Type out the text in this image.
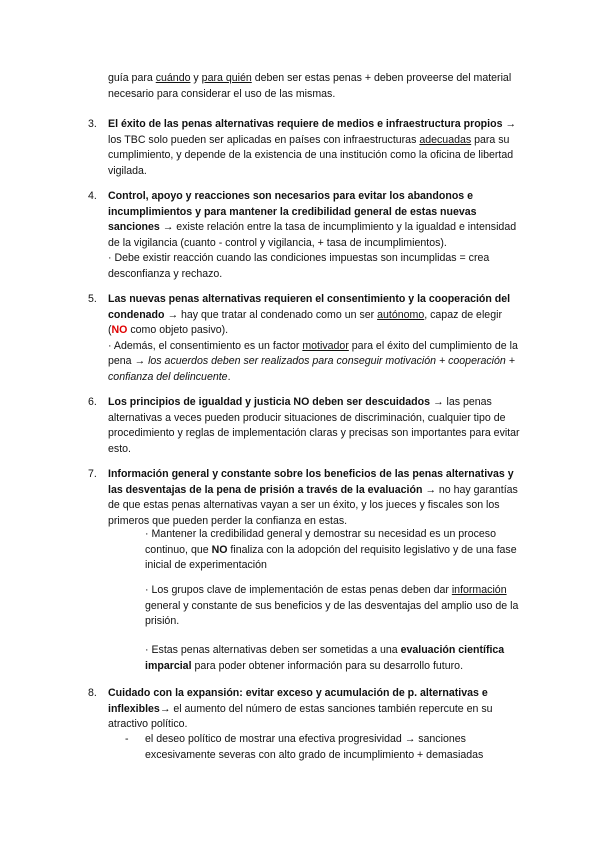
guía para cuándo y para quién deben ser estas penas + deben proveerse del material necesario para considerar el uso de las mismas.

3. El éxito de las penas alternativas requiere de medios e infraestructura propios → los TBC solo pueden ser aplicadas en países con infraestructuras adecuadas para su cumplimiento, y depende de la existencia de una institución como la oficina de libertad vigilada.

4. Control, apoyo y reacciones son necesarios para evitar los abandonos e incumplimientos y para mantener la credibilidad general de estas nuevas sanciones → existe relación entre la tasa de incumplimiento y la igualdad e intensidad de la vigilancia (cuanto - control y vigilancia, + tasa de incumplimientos).

· Debe existir reacción cuando las condiciones impuestas son incumplidas = crea desconfianza y rechazo.

5. Las nuevas penas alternativas requieren el consentimiento y la cooperación del condenado → hay que tratar al condenado como un ser autónomo, capaz de elegir (NO como objeto pasivo).

· Además, el consentimiento es un factor motivador para el éxito del cumplimiento de la pena → los acuerdos deben ser realizados para conseguir motivación + cooperación + confianza del delincuente.

6. Los principios de igualdad y justicia NO deben ser descuidados → las penas alternativas a veces pueden producir situaciones de discriminación, cualquier tipo de procedimiento y reglas de implementación claras y precisas son importantes para evitar esto.

7. Información general y constante sobre los beneficios de las penas alternativas y las desventajas de la pena de prisión a través de la evaluación → no hay garantías de que estas penas alternativas vayan a ser un éxito, y los jueces y fiscales son los primeros que pueden perder la confianza en estas.

· Mantener la credibilidad general y demostrar su necesidad es un proceso continuo, que NO finaliza con la adopción del requisito legislativo y de una fase inicial de experimentación

· Los grupos clave de implementación de estas penas deben dar información general y constante de sus beneficios y de las desventajas del amplio uso de la prisión.

· Estas penas alternativas deben ser sometidas a una evaluación científica imparcial para poder obtener información para su desarrollo futuro.

8. Cuidado con la expansión: evitar exceso y acumulación de p. alternativas e inflexibles→ el aumento del número de estas sanciones también repercute en su atractivo político.

- el deseo político de mostrar una efectiva progresividad → sanciones excesivamente severas con alto grado de incumplimiento + demasiadas
